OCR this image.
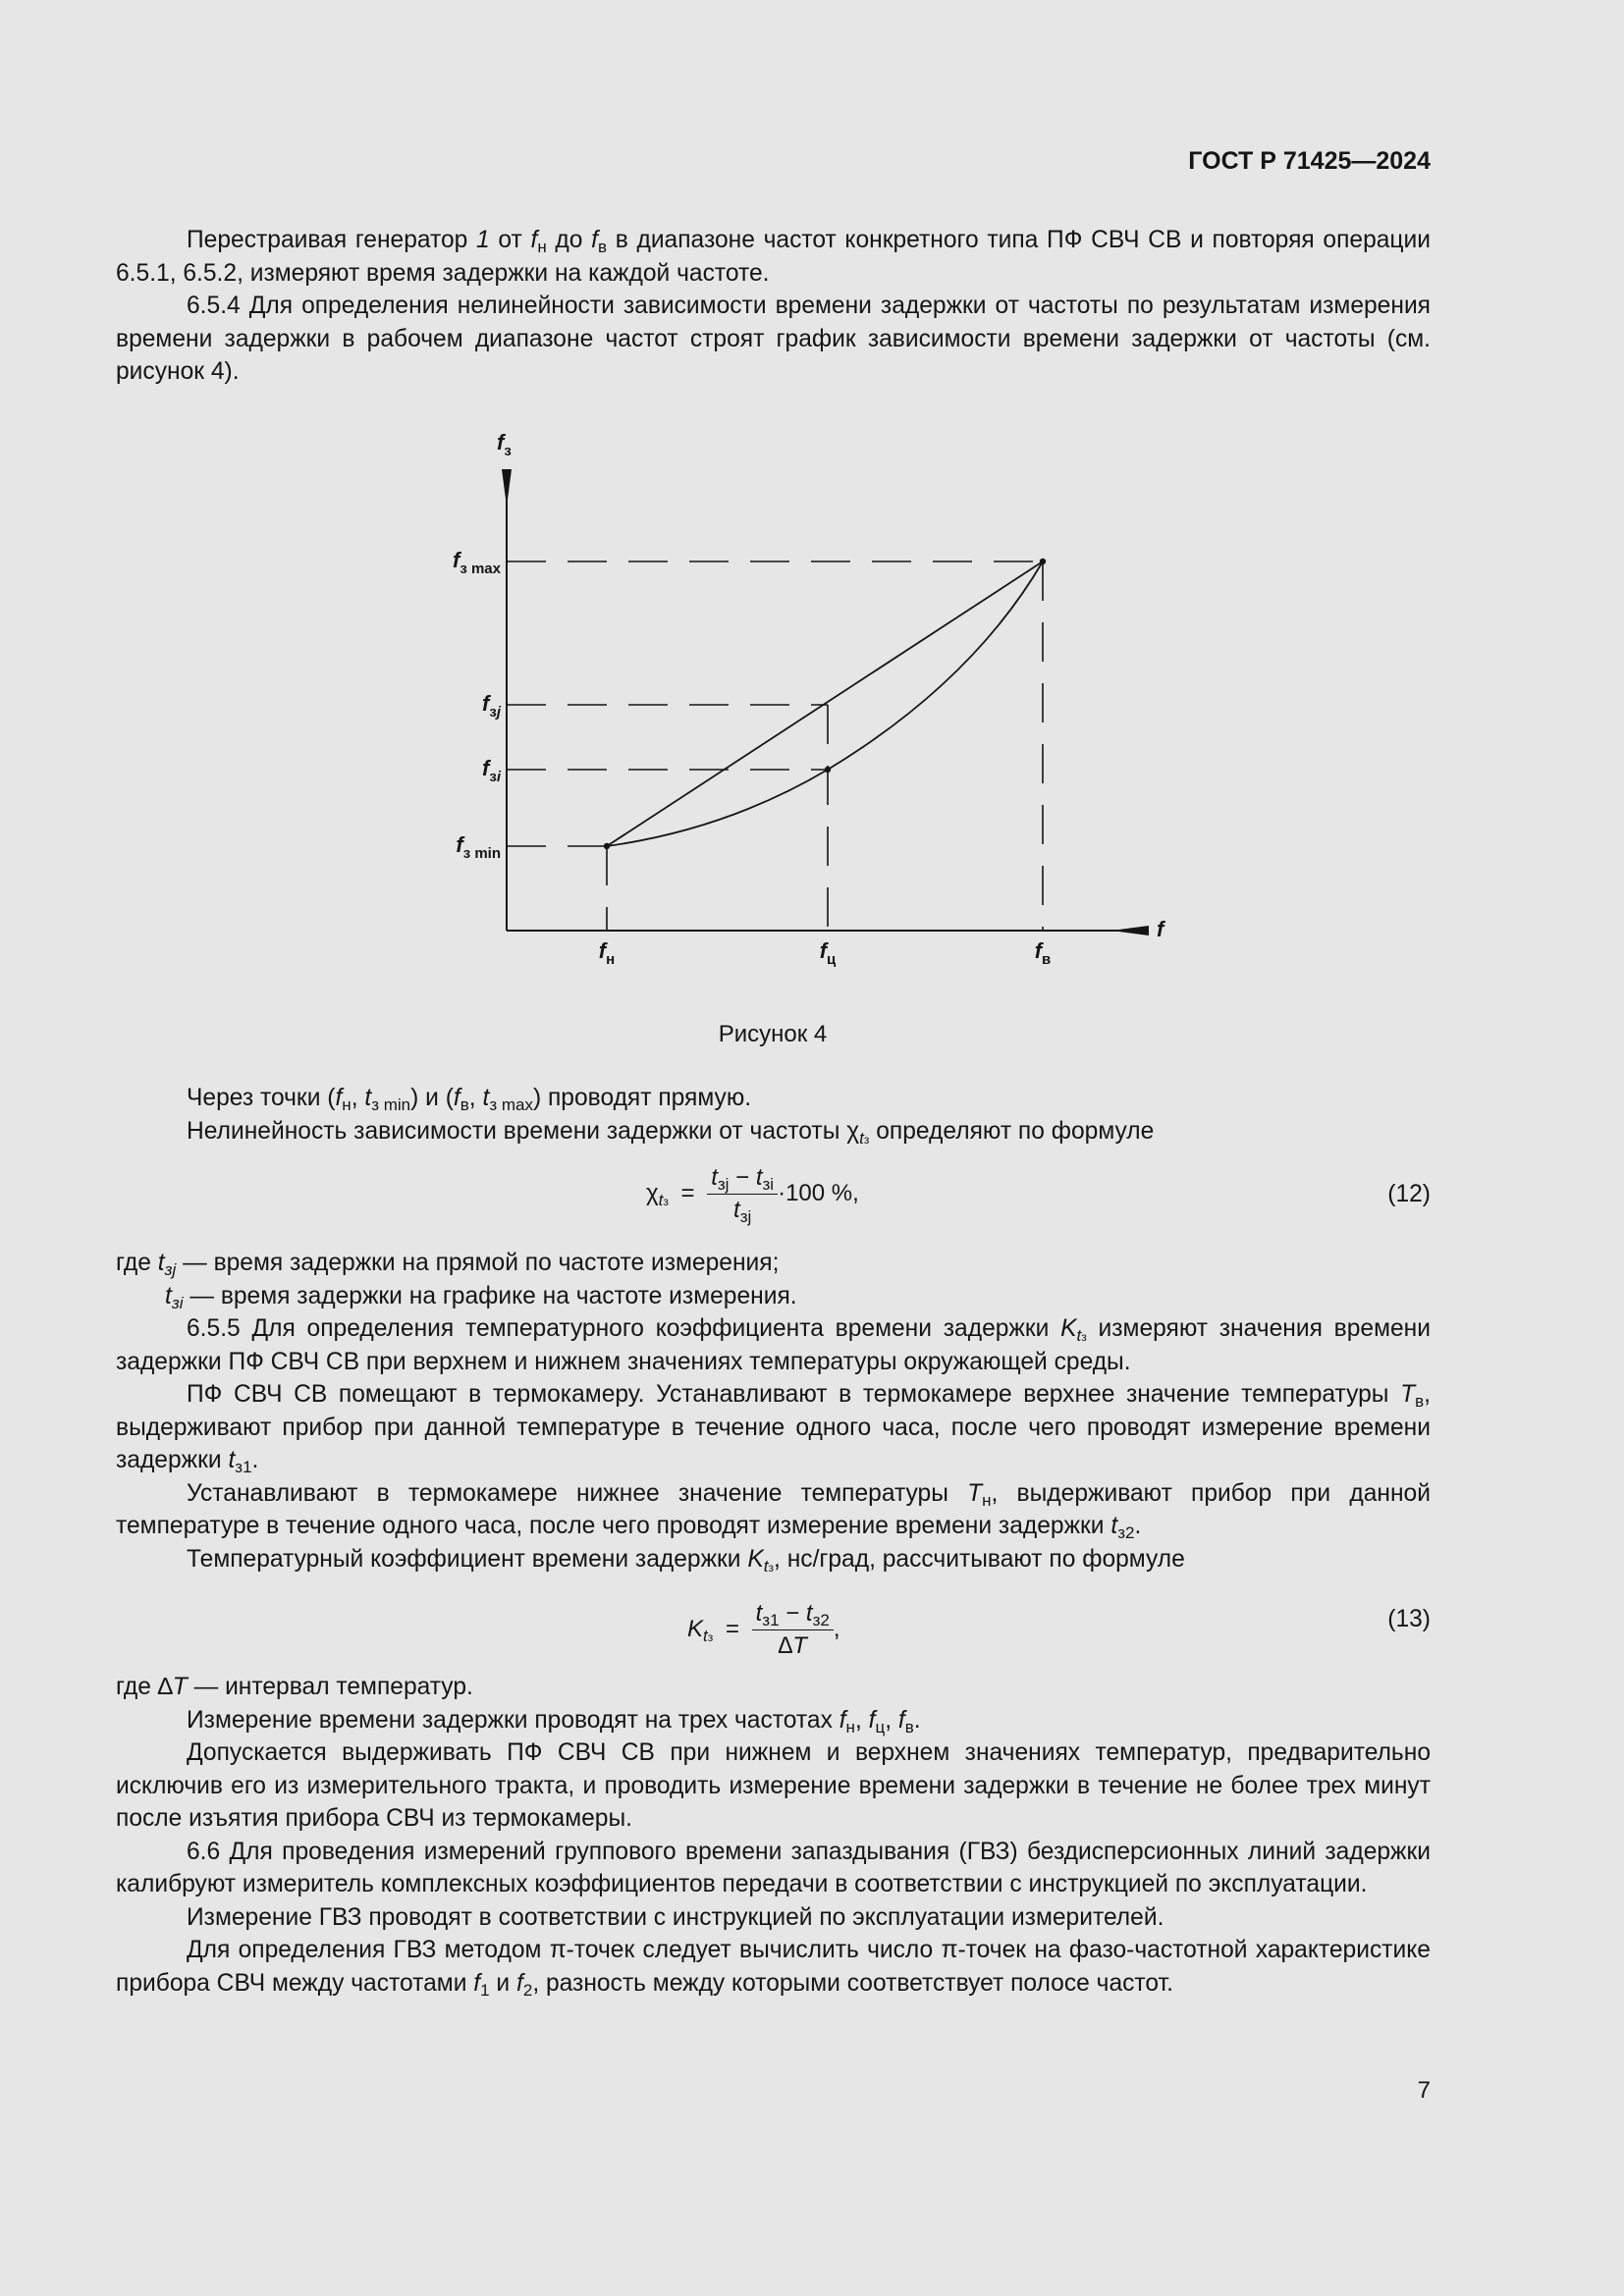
ГОСТ Р 71425—2024

Перестраивая генератор 1 от $f_н$ до $f_в$ в диапазоне частот конкретного типа ПФ СВЧ СВ и повторяя операции 6.5.1, 6.5.2, измеряют время задержки на каждой частоте.

6.5.4 Для определения нелинейности зависимости времени задержки от частоты по результатам измерения времени задержки в рабочем диапазоне частот строят график зависимости времени задержки от частоты (см. рисунок 4).

$f_з$
f
$f_{з max}$
$f_зj$
$f_зi$
$f_{з min}$
$f_н$	$f_ц$	$f_в$
Рисунок 4

Через точки ($f_н$, $t_{з min}$) и ($f_в$, $t_{з max}$) проводят прямую.

Нелинейность зависимости времени задержки от частоты $\chi_{tз}$ определяют по формуле

$\chi_{tз} = \frac{t_{зj} - t_{зi}}{t_{зj}} \cdot 100$ %,	(12)
где $t_{зj}$ — время задержки на прямой по частоте измерения;
$t_{зi}$ — время задержки на графике на частоте измерения.

6.5.5 Для определения температурного коэффициента времени задержки $K_{tз}$ измеряют значения времени задержки ПФ СВЧ СВ при верхнем и нижнем значениях температуры окружающей среды.

ПФ СВЧ СВ помещают в термокамеру. Устанавливают в термокамере верхнее значение температуры $T_в$, выдерживают прибор при данной температуре в течение одного часа, после чего проводят измерение времени задержки $t_{з1}$.

Устанавливают в термокамере нижнее значение температуры $T_н$, выдерживают прибор при данной температуре в течение одного часа, после чего проводят измерение времени задержки $t_{з2}$.

Температурный коэффициент времени задержки $K_{tз}$, нс/град, рассчитывают по формуле

$K_{tз} = \frac{t_{з1} - t_{з2}}{\Delta T}$ ,	(13)
где ∆T — интервал температур.

Измерение времени задержки проводят на трех частотах $f_н$, $f_ц$, $f_в$.

Допускается выдерживать ПФ СВЧ СВ при нижнем и верхнем значениях температур, предварительно исключив его из измерительного тракта, и проводить измерение времени задержки в течение не более трех минут после изъятия прибора СВЧ из термокамеры.

6.6 Для проведения измерений группового времени запаздывания (ГВЗ) бездисперсионных линий задержки калибруют измеритель комплексных коэффициентов передачи в соответствии с инструкцией по эксплуатации.

Измерение ГВЗ проводят в соответствии с инструкцией по эксплуатации измерителей.

Для определения ГВЗ методом π-точек следует вычислить число π-точек на фазо-частотной характеристике прибора СВЧ между частотами $f_1$ и $f_2$, разность между которыми соответствует полосе частот.

7
